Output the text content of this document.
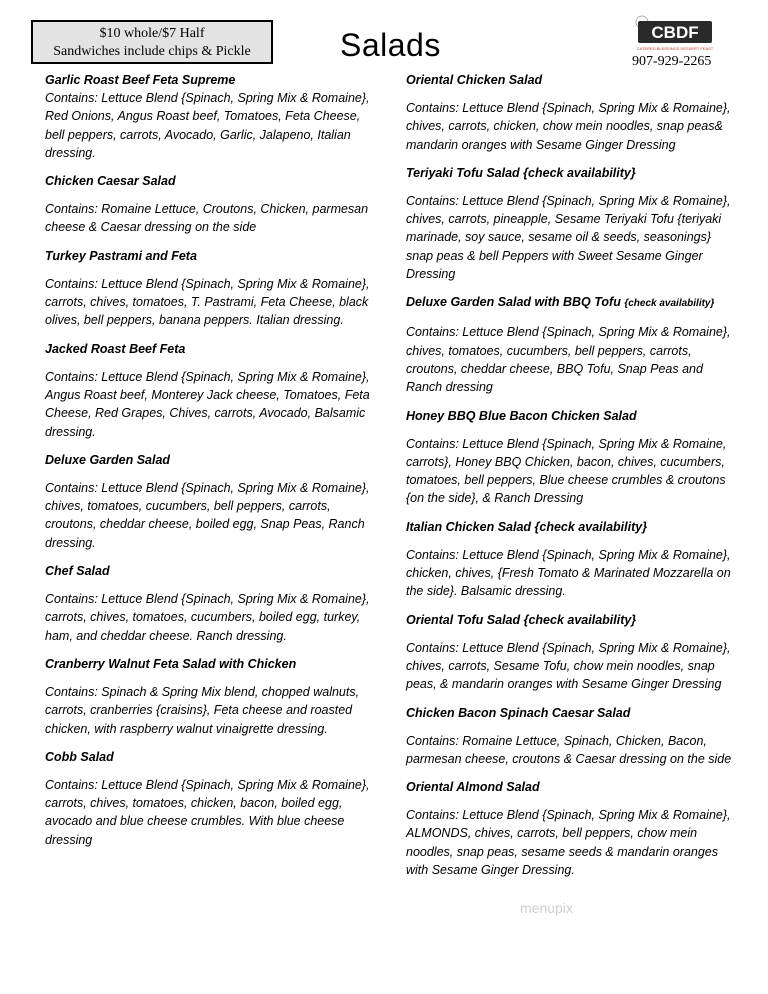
$10 whole/$7 Half
Sandwiches include chips & Pickle	Salads	CBDF
CATERED BLESSINGS DESSERT FEAST
907-929-2265
Garlic Roast Beef Feta Supreme
Contains: Lettuce Blend {Spinach, Spring Mix & Romaine}, Red Onions, Angus Roast beef, Tomatoes, Feta Cheese, bell peppers, carrots, Avocado, Garlic, Jalapeno, Italian dressing.
Chicken Caesar Salad
Contains: Romaine Lettuce, Croutons, Chicken, parmesan cheese & Caesar dressing on the side
Turkey Pastrami and Feta
Contains: Lettuce Blend {Spinach, Spring Mix & Romaine}, carrots, chives, tomatoes, T. Pastrami, Feta Cheese, black olives, bell peppers, banana peppers. Italian dressing.
Jacked Roast Beef Feta
Contains: Lettuce Blend {Spinach, Spring Mix & Romaine}, Angus Roast beef, Monterey Jack cheese, Tomatoes, Feta Cheese, Red Grapes, Chives, carrots, Avocado, Balsamic dressing.
Deluxe Garden Salad
Contains: Lettuce Blend {Spinach, Spring Mix & Romaine}, chives, tomatoes, cucumbers, bell peppers, carrots, croutons, cheddar cheese, boiled egg, Snap Peas, Ranch dressing.
Chef Salad
Contains: Lettuce Blend {Spinach, Spring Mix & Romaine}, carrots, chives, tomatoes, cucumbers, boiled egg, turkey, ham, and cheddar cheese. Ranch dressing.
Cranberry Walnut Feta Salad with Chicken
Contains: Spinach & Spring Mix blend, chopped walnuts, carrots, cranberries {craisins}, Feta cheese and roasted chicken, with raspberry walnut vinaigrette dressing.
Cobb Salad
Contains: Lettuce Blend {Spinach, Spring Mix & Romaine}, carrots, chives, tomatoes, chicken, bacon, boiled egg, avocado and blue cheese crumbles. With blue cheese dressing
Oriental Chicken Salad
Contains: Lettuce Blend {Spinach, Spring Mix & Romaine}, chives, carrots, chicken, chow mein noodles, snap peas& mandarin oranges with Sesame Ginger Dressing
Teriyaki Tofu Salad {check availability}
Contains: Lettuce Blend {Spinach, Spring Mix & Romaine}, chives, carrots, pineapple, Sesame Teriyaki Tofu {teriyaki marinade, soy sauce, sesame oil & seeds, seasonings} snap peas & bell Peppers with Sweet Sesame Ginger Dressing
Deluxe Garden Salad with BBQ Tofu {check availability}
Contains: Lettuce Blend {Spinach, Spring Mix & Romaine}, chives, tomatoes, cucumbers, bell peppers, carrots, croutons, cheddar cheese, BBQ Tofu, Snap Peas and Ranch dressing
Honey BBQ Blue Bacon Chicken Salad
Contains: Lettuce Blend {Spinach, Spring Mix & Romaine, carrots}, Honey BBQ Chicken, bacon, chives, cucumbers, tomatoes, bell peppers, Blue cheese crumbles & croutons {on the side}, & Ranch Dressing
Italian Chicken Salad {check availability}
Contains: Lettuce Blend {Spinach, Spring Mix & Romaine}, chicken, chives, {Fresh Tomato & Marinated Mozzarella on the side}. Balsamic dressing.
Oriental Tofu Salad {check availability}
Contains: Lettuce Blend {Spinach, Spring Mix & Romaine}, chives, carrots, Sesame Tofu, chow mein noodles, snap peas, & mandarin oranges with Sesame Ginger Dressing
Chicken Bacon Spinach Caesar Salad
Contains: Romaine Lettuce, Spinach, Chicken, Bacon, parmesan cheese, croutons & Caesar dressing on the side
Oriental Almond Salad
Contains: Lettuce Blend {Spinach, Spring Mix & Romaine}, ALMONDS, chives, carrots, bell peppers, chow mein noodles, snap peas, sesame seeds & mandarin oranges with Sesame Ginger Dressing.
menupix
